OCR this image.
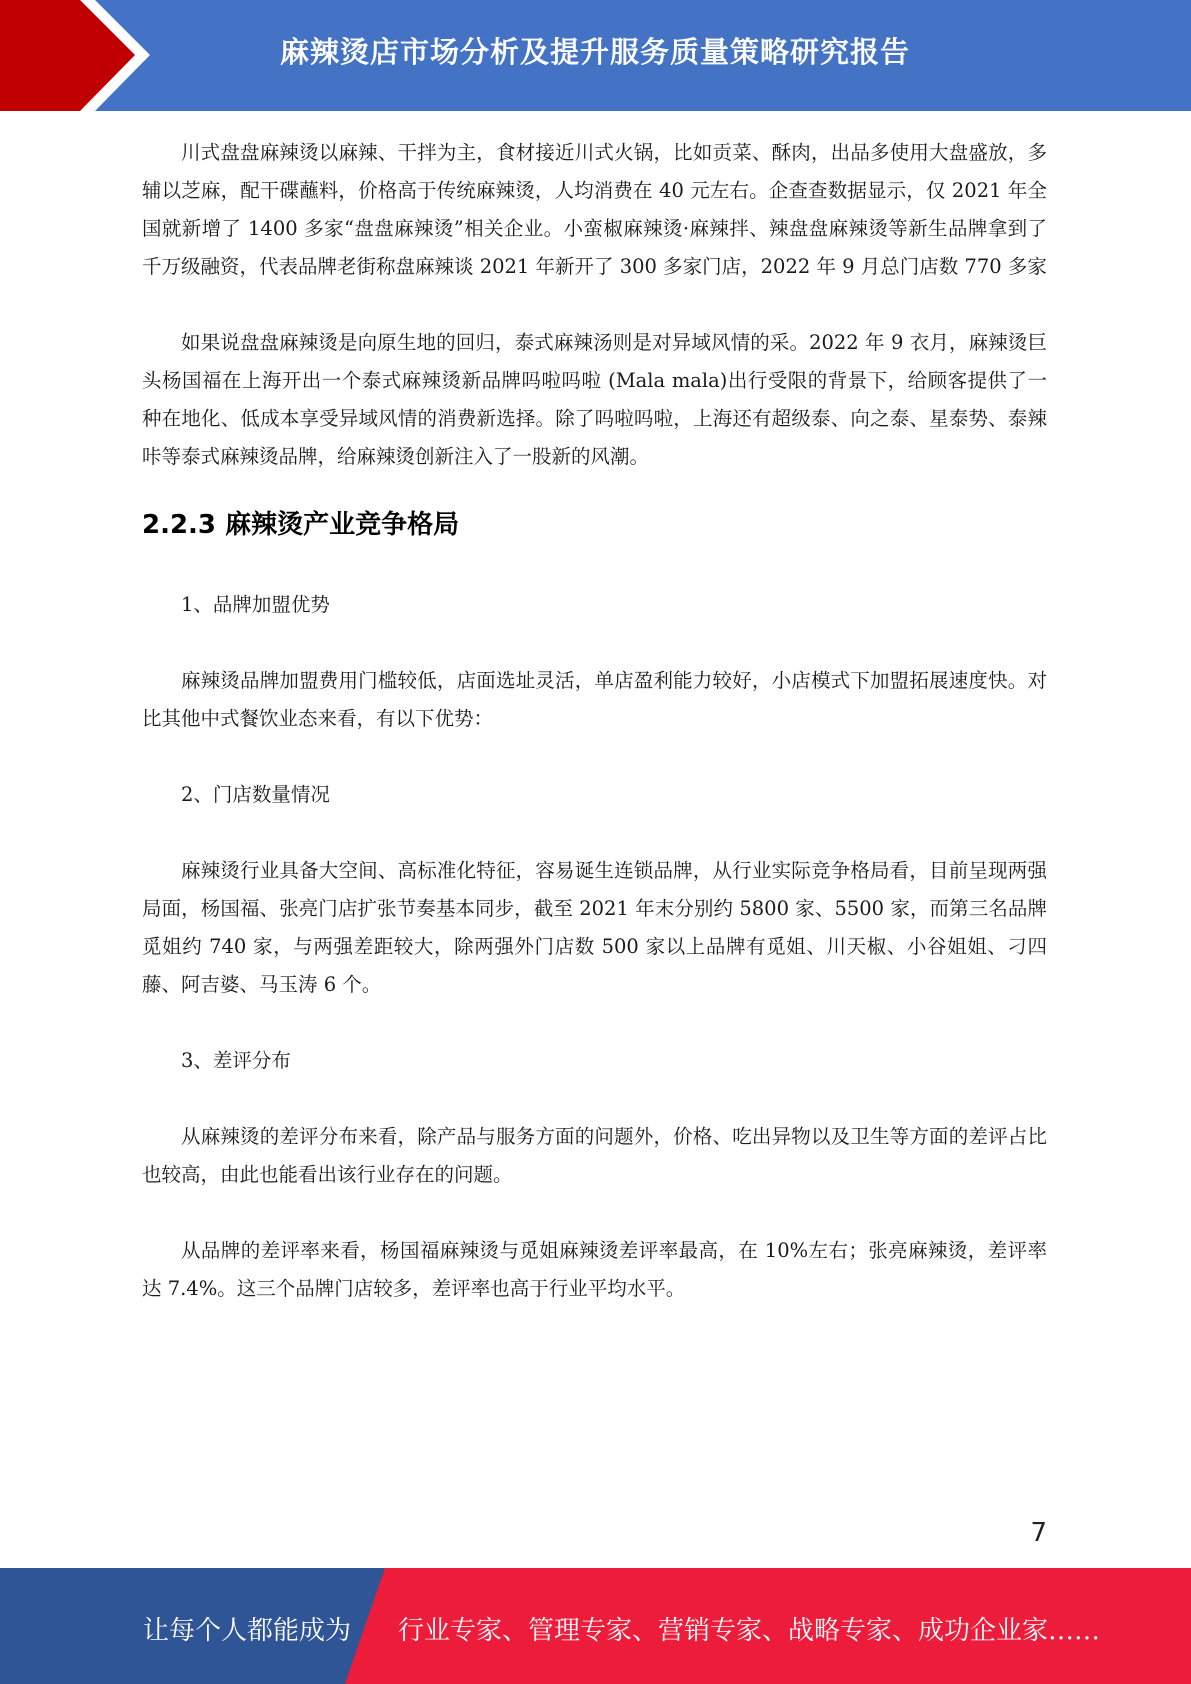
麻辣烫店市场分析及提升服务质量策略研究报告

川式盘盘麻辣烫以麻辣、干拌为主，食材接近川式火锅，比如贡菜、酥肉，出品多使用大盘盛放，多辅以芝麻，配干碟蘸料，价格高于传统麻辣烫，人均消费在 40 元左右。企查查数据显示，仅 2021 年全国就新增了 1400 多家“盘盘麻辣烫”相关企业。小蛮椒麻辣烫·麻辣拌、辣盘盘麻辣烫等新生品牌拿到了千万级融资，代表品牌老街称盘麻辣谈 2021 年新开了 300 多家门店，2022 年 9 月总门店数 770 多家

如果说盘盘麻辣烫是向原生地的回归，泰式麻辣汤则是对异域风情的采。2022 年 9 衣月，麻辣烫巨头杨国福在上海开出一个泰式麻辣烫新品牌吗啦吗啦 (Mala mala)出行受限的背景下，给顾客提供了一种在地化、低成本享受异域风情的消费新选择。除了吗啦吗啦，上海还有超级泰、向之泰、星泰势、泰辣咔等泰式麻辣烫品牌，给麻辣烫创新注入了一股新的风潮。

2.2.3 麻辣烫产业竞争格局

1、品牌加盟优势

麻辣烫品牌加盟费用门槛较低，店面选址灵活，单店盈利能力较好，小店模式下加盟拓展速度快。对比其他中式餐饮业态来看，有以下优势：

2、门店数量情况

麻辣烫行业具备大空间、高标准化特征，容易诞生连锁品牌，从行业实际竞争格局看，目前呈现两强局面，杨国福、张亮门店扩张节奏基本同步，截至 2021 年末分别约 5800 家、5500 家，而第三名品牌觅姐约 740 家，与两强差距较大，除两强外门店数 500 家以上品牌有觅姐、川天椒、小谷姐姐、刁四藤、阿吉婆、马玉涛 6 个。

3、差评分布

从麻辣烫的差评分布来看，除产品与服务方面的问题外，价格、吃出异物以及卫生等方面的差评占比也较高，由此也能看出该行业存在的问题。

从品牌的差评率来看，杨国福麻辣烫与觅姐麻辣烫差评率最高，在 10%左右；张亮麻辣烫，差评率达 7.4%。这三个品牌门店较多，差评率也高于行业平均水平。

7
让每个人都能成为 行业专家、管理专家、营销专家、战略专家、成功企业家……
